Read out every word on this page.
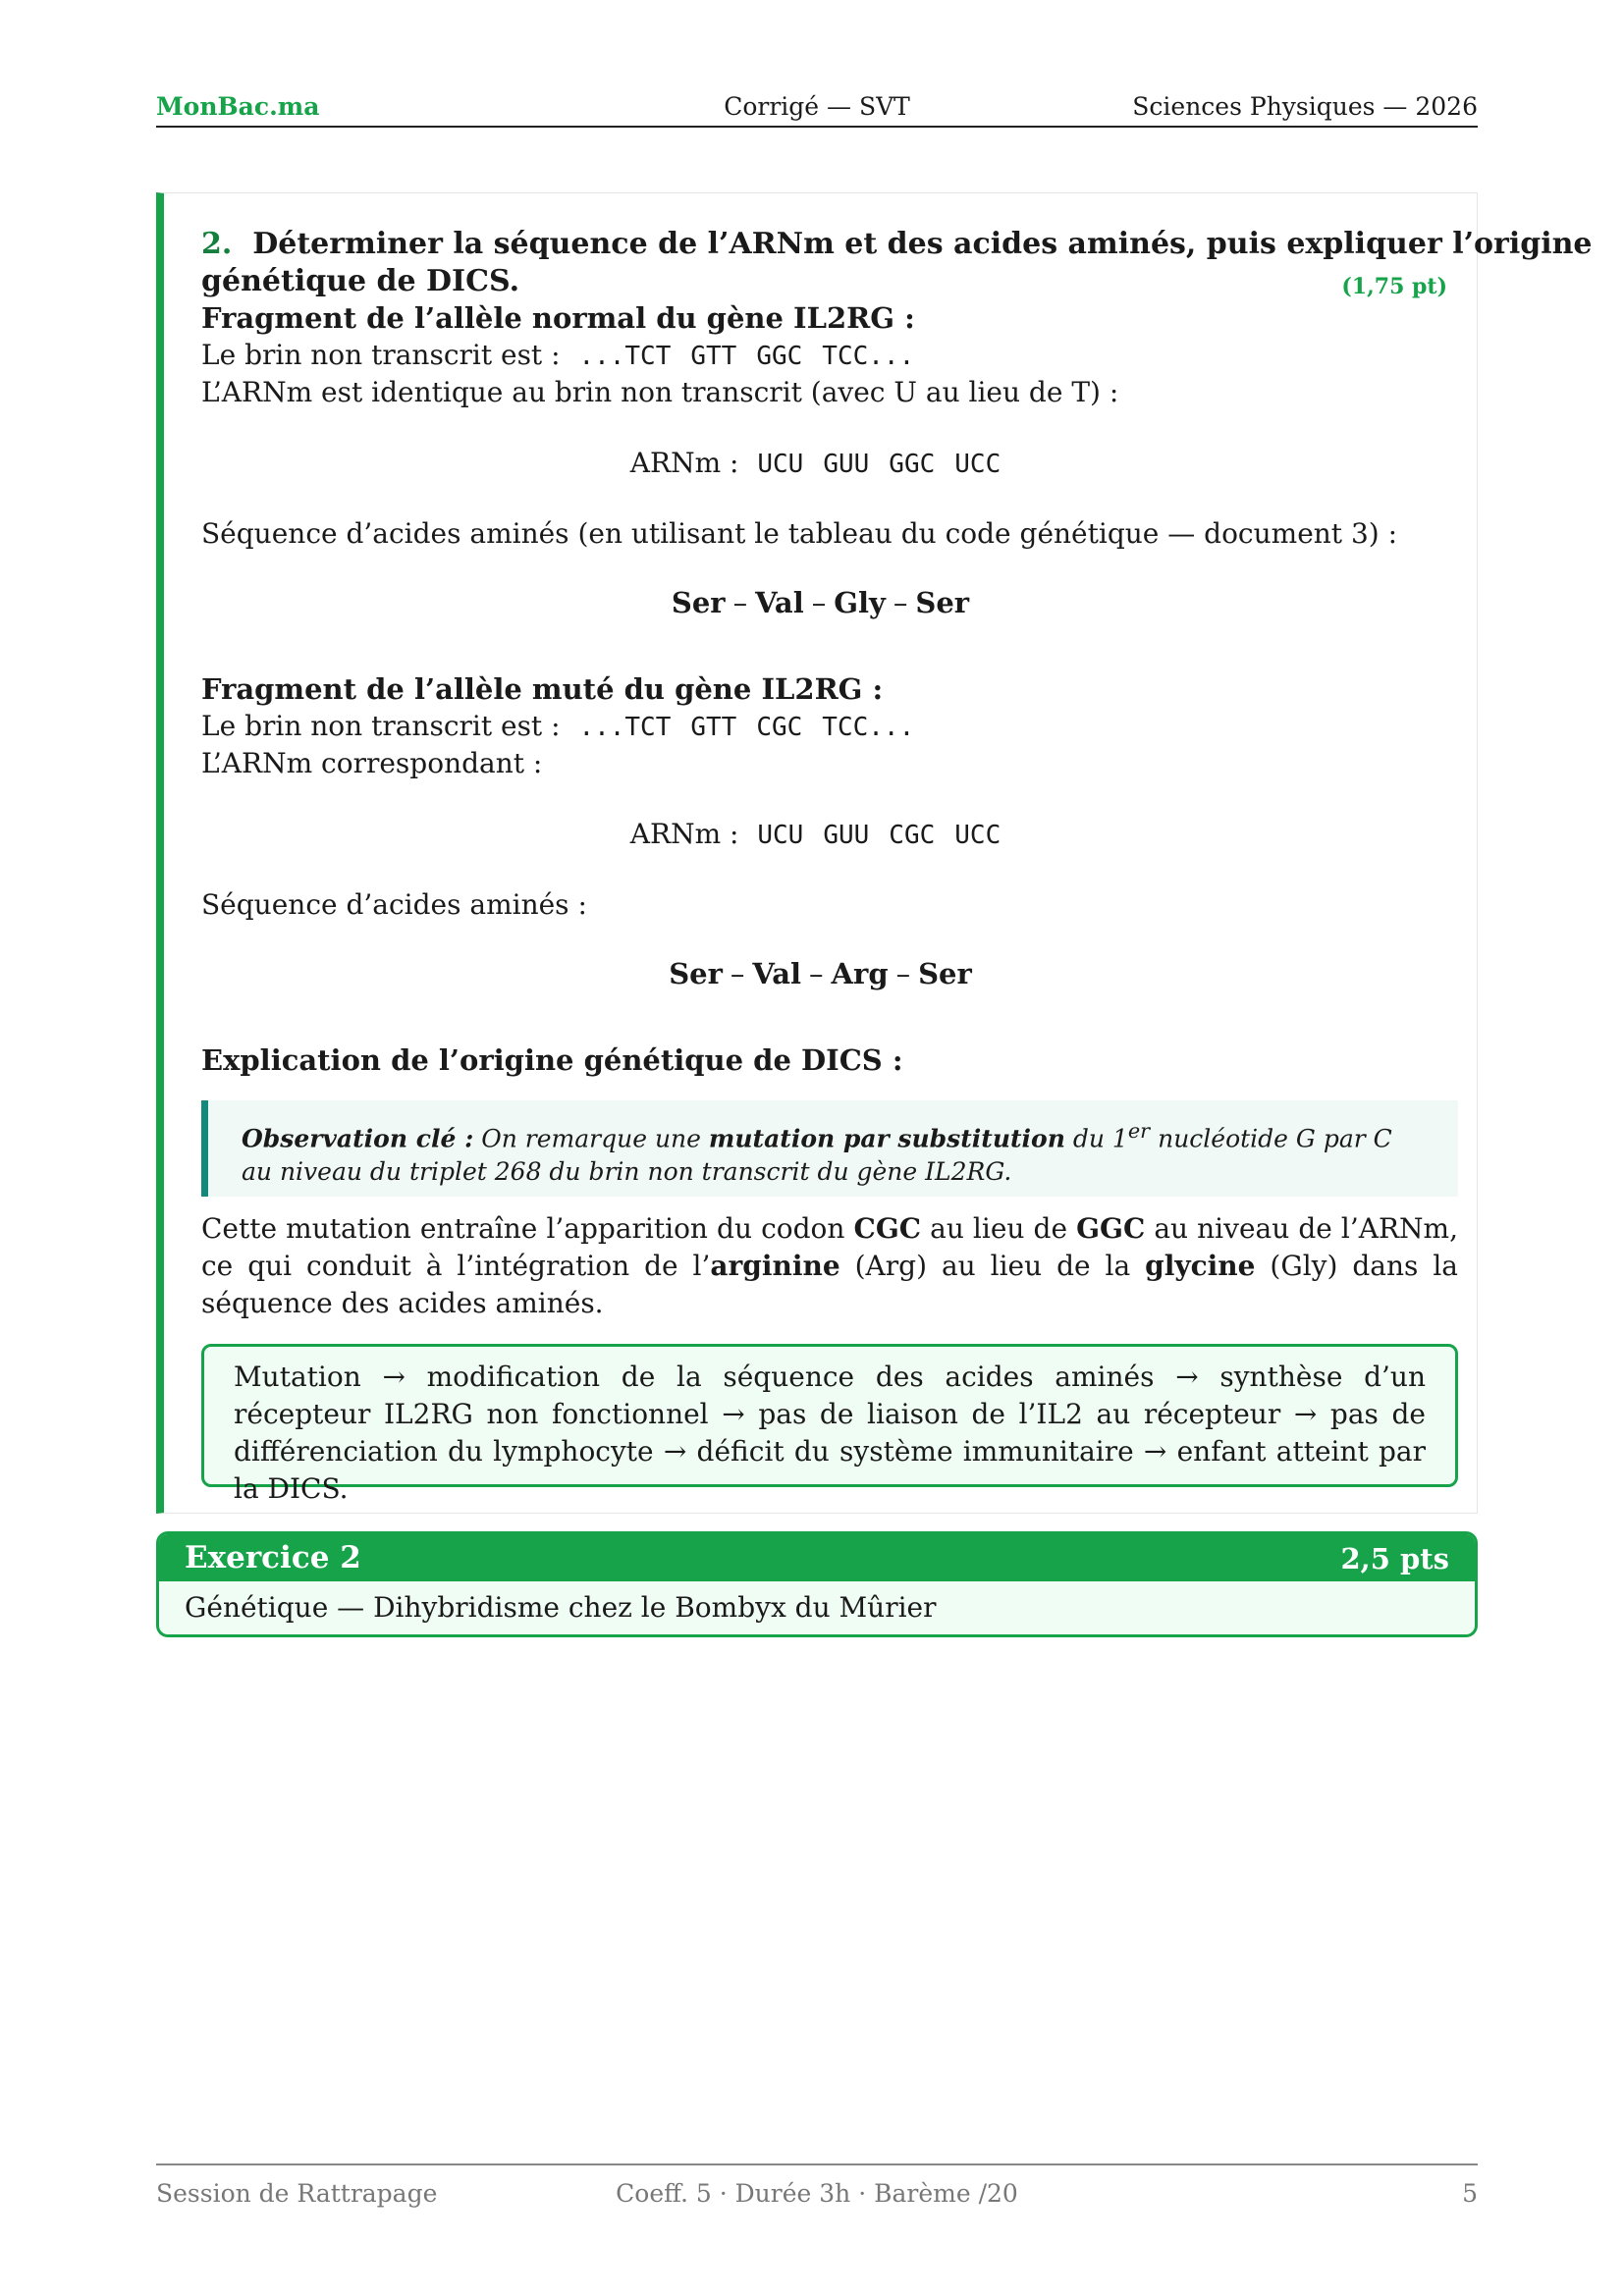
Corrigé — SVT
MonBac.ma	Sciences Physiques — 2026
2. Déterminer la séquence de l’ARNm et des acides aminés, puis expliquer l’origine
génétique de DICS.	(1,75 pt)
Fragment de l’allèle normal du gène IL2RG :
Le brin non transcrit est : ...TCT GTT GGC TCC...
L’ARNm est identique au brin non transcrit (avec U au lieu de T) :
ARNm : UCU GUU GGC UCC
Séquence d’acides aminés (en utilisant le tableau du code génétique — document 3) :
Ser – Val – Gly – Ser
Fragment de l’allèle muté du gène IL2RG :
Le brin non transcrit est : ...TCT GTT CGC TCC...
L’ARNm correspondant :
ARNm : UCU GUU CGC UCC
Séquence d’acides aminés :
Ser – Val – Arg – Ser
Explication de l’origine génétique de DICS :
Observation clé : On remarque une mutation par substitution du 1er nucléotide G par C au niveau du triplet 268 du brin non transcrit du gène IL2RG.
Cette mutation entraîne l’apparition du codon CGC au lieu de GGC au niveau de l’ARNm, ce qui conduit à l’intégration de l’arginine (Arg) au lieu de la glycine (Gly) dans la séquence des acides aminés.
Mutation → modification de la séquence des acides aminés → synthèse d’un récepteur IL2RG non fonctionnel → pas de liaison de l’IL2 au récepteur → pas de différenciation du lymphocyte → déficit du système immunitaire → enfant atteint par la DICS.
Exercice 2	2,5 pts
Génétique — Dihybridisme chez le Bombyx du Mûrier
Coeff. 5 · Durée 3h · Barème /20
Session de Rattrapage	5
